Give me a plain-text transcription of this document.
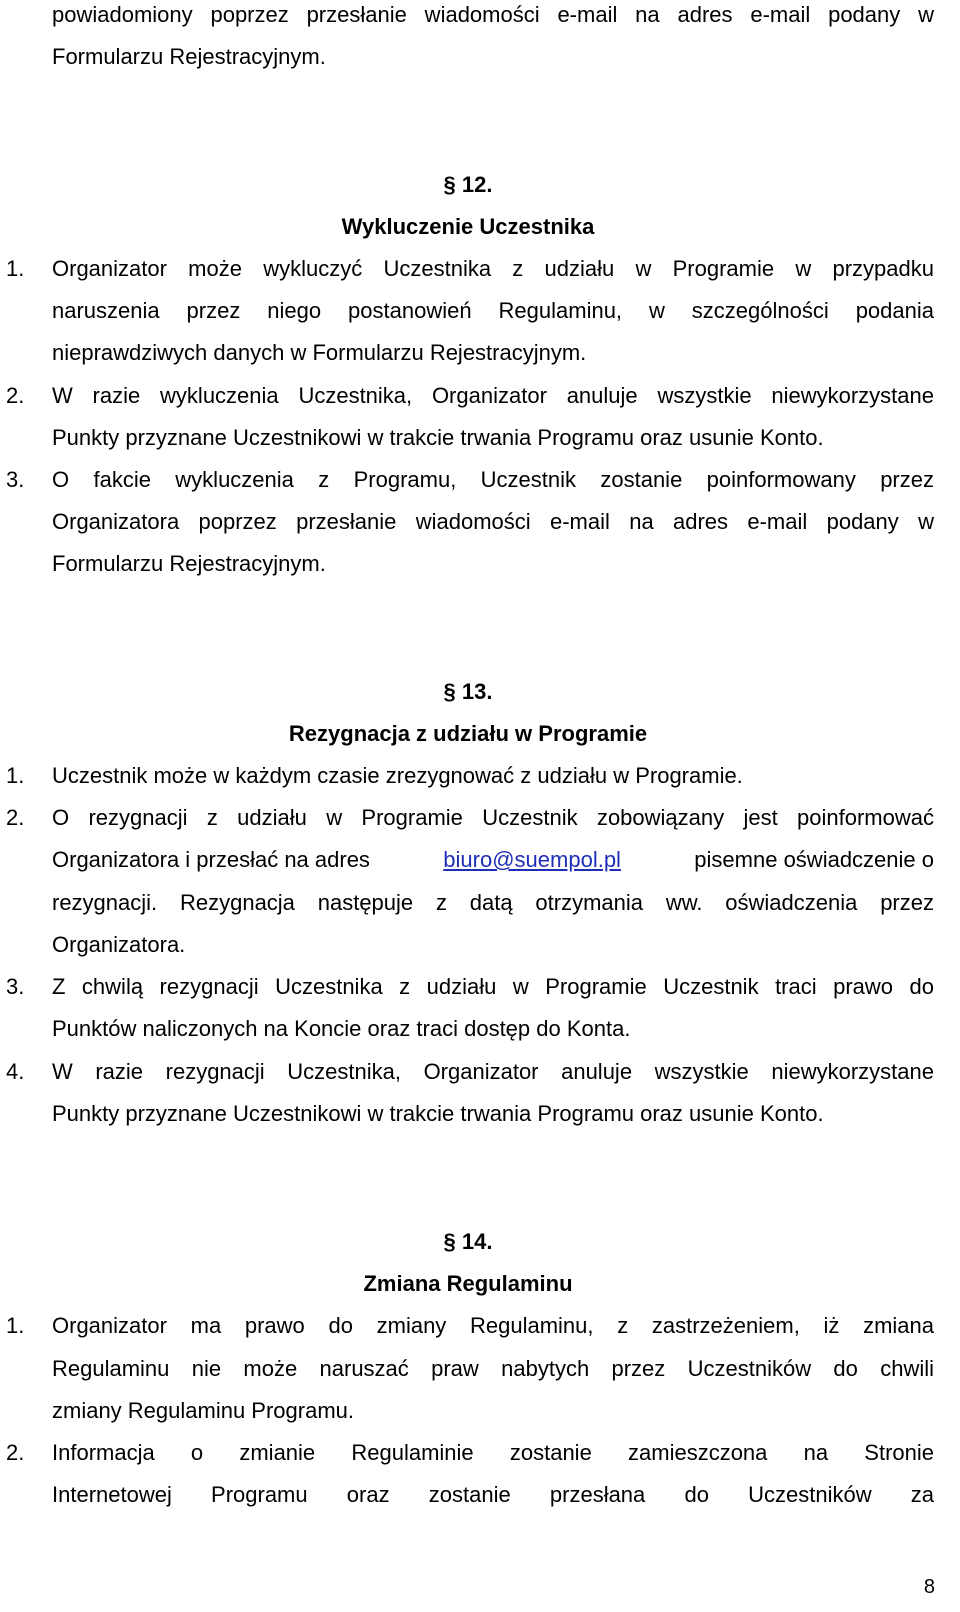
powiadomiony poprzez przesłanie wiadomości e-mail na adres e-mail podany w
Formularzu Rejestracyjnym.
§ 12.
Wykluczenie Uczestnika
1.	Organizator może wykluczyć Uczestnika z udziału w Programie w przypadku
naruszenia przez niego postanowień Regulaminu, w szczególności podania
nieprawdziwych danych w Formularzu Rejestracyjnym.
2.	W razie wykluczenia Uczestnika, Organizator anuluje wszystkie niewykorzystane
Punkty przyznane Uczestnikowi w trakcie trwania Programu oraz usunie Konto.
3.	O fakcie wykluczenia z Programu, Uczestnik zostanie poinformowany przez
Organizatora poprzez przesłanie wiadomości e-mail na adres e-mail podany w
Formularzu Rejestracyjnym.
§ 13.
Rezygnacja z udziału w Programie
1.	Uczestnik może w każdym czasie zrezygnować z udziału w Programie.
2.	O rezygnacji z udziału w Programie Uczestnik zobowiązany jest poinformować
Organizatora i przesłać na adres	biuro@suempol.pl	pisemne oświadczenie o
rezygnacji. Rezygnacja następuje z datą otrzymania ww. oświadczenia przez
Organizatora.
3.	Z chwilą rezygnacji Uczestnika z udziału w Programie Uczestnik traci prawo do
Punktów naliczonych na Koncie oraz traci dostęp do Konta.
4.	W razie rezygnacji Uczestnika, Organizator anuluje wszystkie niewykorzystane
Punkty przyznane Uczestnikowi w trakcie trwania Programu oraz usunie Konto.
§ 14.
Zmiana Regulaminu
1.	Organizator ma prawo do zmiany Regulaminu, z zastrzeżeniem, iż zmiana
Regulaminu nie może naruszać praw nabytych przez Uczestników do chwili
zmiany Regulaminu Programu.
2.	Informacja o zmianie Regulaminie zostanie zamieszczona na Stronie
Internetowej Programu oraz zostanie przesłana do Uczestników za
8
